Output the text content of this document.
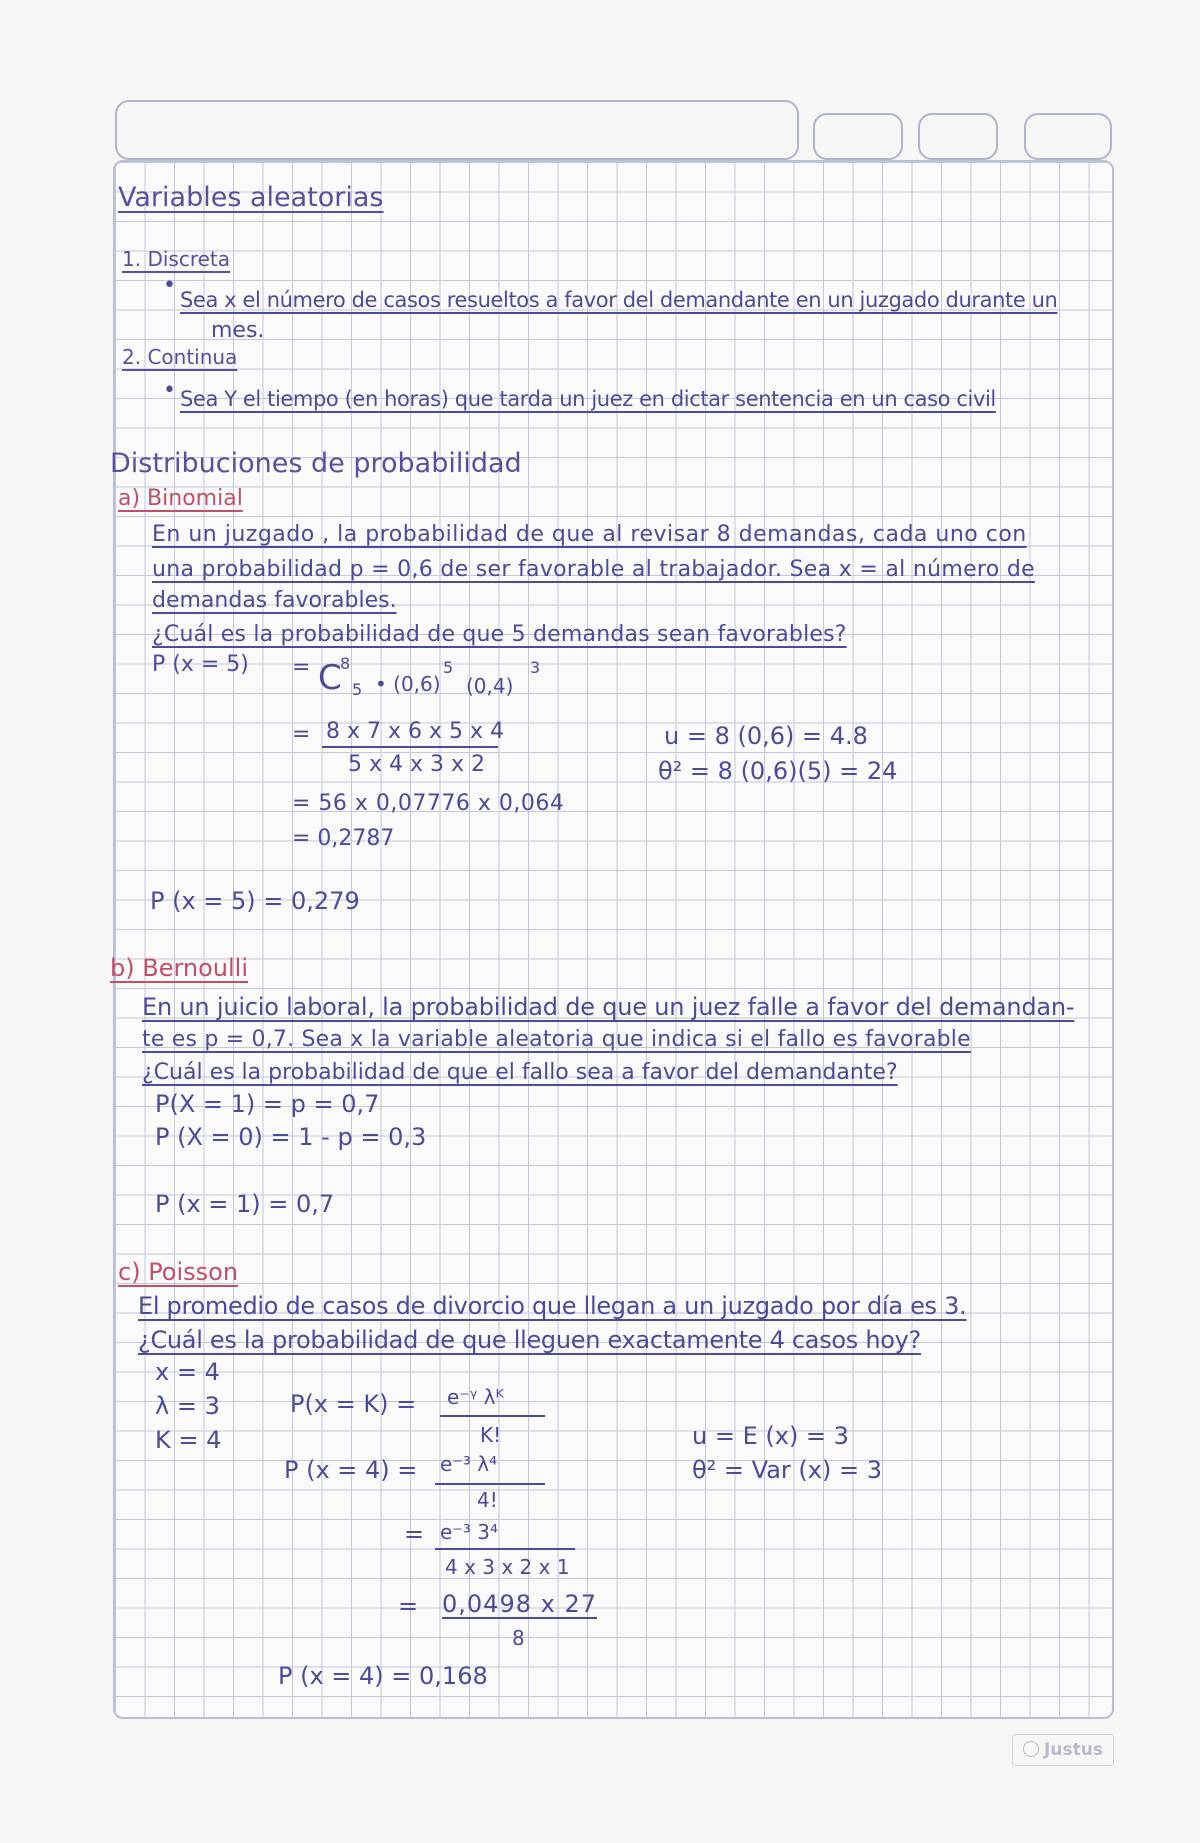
Variables aleatorias
1. Discreta
•
Sea x el número de casos resueltos a favor del demandante en un juzgado durante un
mes.
2. Continua
• Sea Y el tiempo (en horas) que tarda un juez en dictar sentencia en un caso civil
Distribuciones de probabilidad
a) Binomial
En un juzgado , la probabilidad de que al revisar 8 demandas, cada uno con
una probabilidad p = 0,6 de ser favorable al trabajador. Sea x = al número de
demandas favorables.
¿Cuál es la probabilidad de que 5 demandas sean favorables?
P (x = 5) = C
8
5 • (0,6)
5
(0,4)
3
= 8 x 7 x 6 x 5 x 4
5 x 4 x 3 x 2
= 56 x 0,07776 x 0,064
= 0,2787
u = 8 (0,6) = 4.8
θ² = 8 (0,6)(5) = 24
P (x = 5) = 0,279
b) Bernoulli
En un juicio laboral, la probabilidad de que un juez falle a favor del demandan-
te es p = 0,7. Sea x la variable aleatoria que indica si el fallo es favorable
¿Cuál es la probabilidad de que el fallo sea a favor del demandante?
P(X = 1) = p = 0,7
P (X = 0) = 1 - p = 0,3
P (x = 1) = 0,7
c) Poisson
El promedio de casos de divorcio que llegan a un juzgado por día es 3.
¿Cuál es la probabilidad de que lleguen exactamente 4 casos hoy?
x = 4
λ = 3
K = 4
P(x = K) = e⁻ᵞ λᴷ
K!
P (x = 4) = e⁻³ λ⁴
4!
= e⁻³ 3⁴
4 x 3 x 2 x 1
= 0,0498 x 27
8
u = E (x) = 3
θ² = Var (x) = 3
P (x = 4) = 0,168
Justus
